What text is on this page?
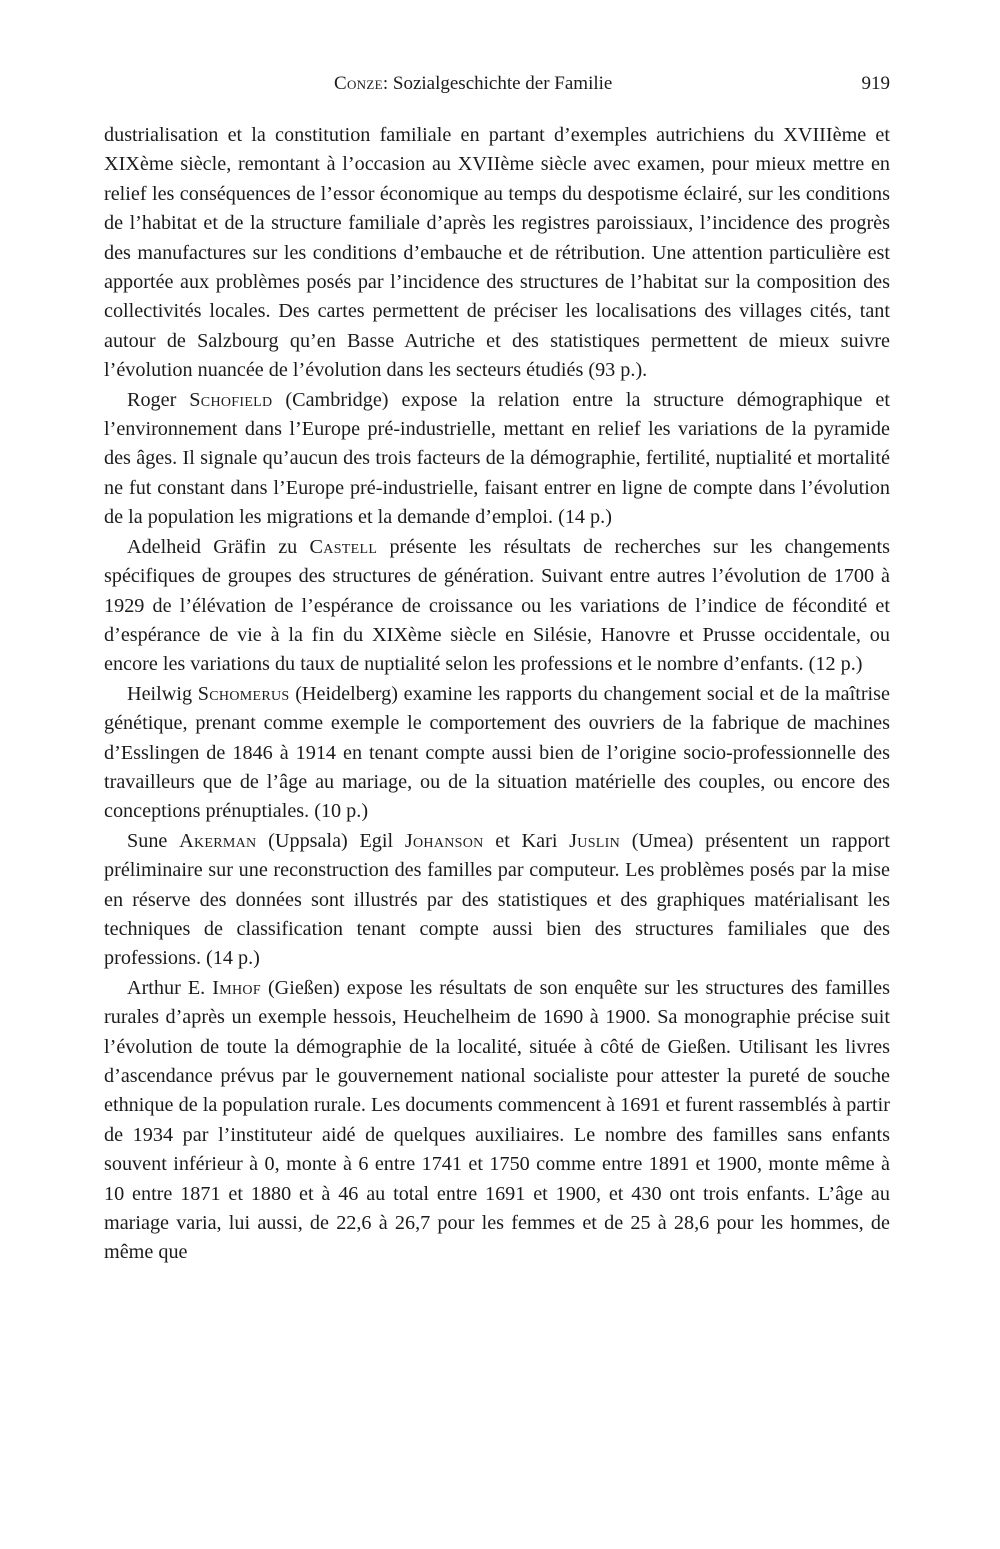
Conze: Sozialgeschichte der Familie	919

dustrialisation et la constitution familiale en partant d’exemples autrichiens du XVIIIème et XIXème siècle, remontant à l’occasion au XVIIème siècle avec examen, pour mieux mettre en relief les conséquences de l’essor économique au temps du despotisme éclairé, sur les conditions de l’habitat et de la structure familiale d’après les registres paroissiaux, l’incidence des progrès des manufactures sur les conditions d’embauche et de rétribution. Une attention particulière est apportée aux problèmes posés par l’incidence des structures de l’habitat sur la composition des collectivités locales. Des cartes permettent de préciser les localisations des villages cités, tant autour de Salzbourg qu’en Basse Autriche et des statistiques permettent de mieux suivre l’évolution nuancée de l’évolution dans les secteurs étudiés (93 p.).

Roger Schofield (Cambridge) expose la relation entre la structure démographique et l’environnement dans l’Europe pré-industrielle, mettant en relief les variations de la pyramide des âges. Il signale qu’aucun des trois facteurs de la démographie, fertilité, nuptialité et mortalité ne fut constant dans l’Europe pré-industrielle, faisant entrer en ligne de compte dans l’évolution de la population les migrations et la demande d’emploi. (14 p.)

Adelheid Gräfin zu Castell présente les résultats de recherches sur les changements spécifiques de groupes des structures de génération. Suivant entre autres l’évolution de 1700 à 1929 de l’élévation de l’espérance de croissance ou les variations de l’indice de fécondité et d’espérance de vie à la fin du XIXème siècle en Silésie, Hanovre et Prusse occidentale, ou encore les variations du taux de nuptialité selon les professions et le nombre d’enfants. (12 p.)

Heilwig Schomerus (Heidelberg) examine les rapports du changement social et de la maîtrise génétique, prenant comme exemple le comportement des ouvriers de la fabrique de machines d’Esslingen de 1846 à 1914 en tenant compte aussi bien de l’origine socio-professionnelle des travailleurs que de l’âge au mariage, ou de la situation matérielle des couples, ou encore des conceptions prénuptiales. (10 p.)

Sune Akerman (Uppsala) Egil Johanson et Kari Juslin (Umea) présentent un rapport préliminaire sur une reconstruction des familles par computeur. Les problèmes posés par la mise en réserve des données sont illustrés par des statistiques et des graphiques matérialisant les techniques de classification tenant compte aussi bien des structures familiales que des professions. (14 p.)

Arthur E. Imhof (Gießen) expose les résultats de son enquête sur les structures des familles rurales d’après un exemple hessois, Heuchelheim de 1690 à 1900. Sa monographie précise suit l’évolution de toute la démographie de la localité, située à côté de Gießen. Utilisant les livres d’ascendance prévus par le gouvernement national socialiste pour attester la pureté de souche ethnique de la population rurale. Les documents commencent à 1691 et furent rassemblés à partir de 1934 par l’instituteur aidé de quelques auxiliaires. Le nombre des familles sans enfants souvent inférieur à 0, monte à 6 entre 1741 et 1750 comme entre 1891 et 1900, monte même à 10 entre 1871 et 1880 et à 46 au total entre 1691 et 1900, et 430 ont trois enfants. L’âge au mariage varia, lui aussi, de 22,6 à 26,7 pour les femmes et de 25 à 28,6 pour les hommes, de même que
